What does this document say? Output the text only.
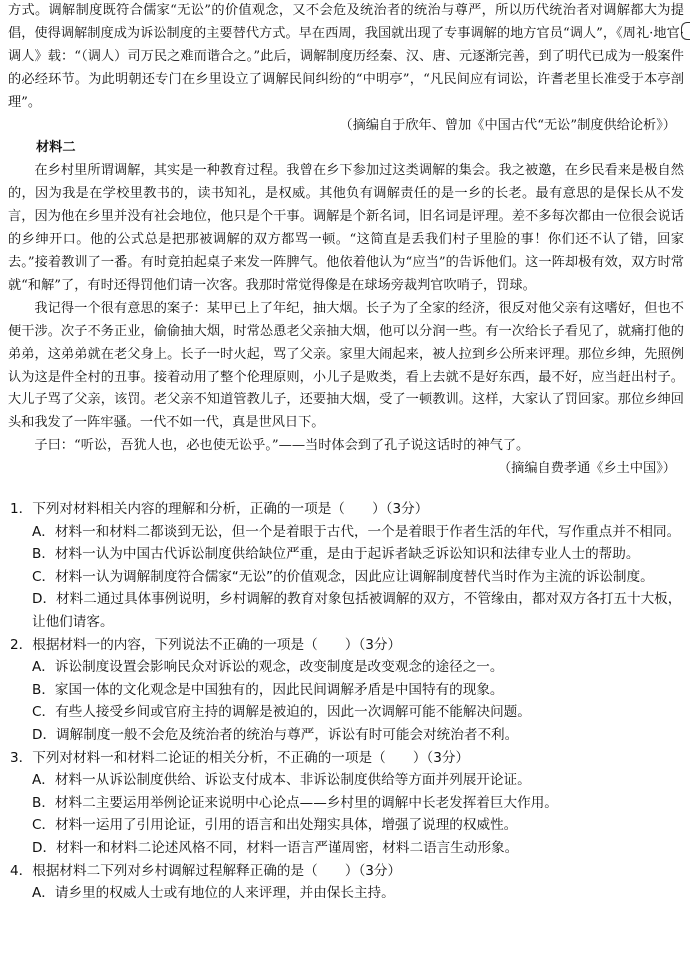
方式。调解制度既符合儒家“无讼”的价值观念，又不会危及统治者的统治与尊严，所以历代统治者对调解都大为提倡，使得调解制度成为诉讼制度的主要替代方式。早在西周，我国就出现了专事调解的地方官员“调人”，《周礼·地官·调人》载：“（调人）司万民之难而谐合之。”此后，调解制度历经秦、汉、唐、元逐渐完善，到了明代已成为一般案件的必经环节。为此明朝还专门在乡里设立了调解民间纠纷的“中明亭”，“凡民间应有词讼，许耆老里长准受于本亭剖理”。

（摘编自于欣年、曾加《中国古代“无讼”制度供给论析》）

材料二

在乡村里所谓调解，其实是一种教育过程。我曾在乡下参加过这类调解的集会。我之被邀，在乡民看来是极自然的，因为我是在学校里教书的，读书知礼，是权威。其他负有调解责任的是一乡的长老。最有意思的是保长从不发言，因为他在乡里并没有社会地位，他只是个干事。调解是个新名词，旧名词是评理。差不多每次都由一位很会说话的乡绅开口。他的公式总是把那被调解的双方都骂一顿。“这简直是丢我们村子里脸的事！你们还不认了错，回家去。”接着教训了一番。有时竟拍起桌子来发一阵脾气。他依着他认为“应当”的告诉他们。这一阵却极有效，双方时常就“和解”了，有时还得罚他们请一次客。我那时常觉得像是在球场旁裁判官吹哨子，罚球。

我记得一个很有意思的案子：某甲已上了年纪，抽大烟。长子为了全家的经济，很反对他父亲有这嗜好，但也不便干涉。次子不务正业，偷偷抽大烟，时常怂恿老父亲抽大烟，他可以分润一些。有一次给长子看见了，就痛打他的弟弟，这弟弟就在老父身上。长子一时火起，骂了父亲。家里大闹起来，被人拉到乡公所来评理。那位乡绅，先照例认为这是件全村的丑事。接着动用了整个伦理原则，小儿子是败类，看上去就不是好东西，最不好，应当赶出村子。大儿子骂了父亲，该罚。老父亲不知道管教儿子，还要抽大烟，受了一顿教训。这样，大家认了罚回家。那位乡绅回头和我发了一阵牢骚。一代不如一代，真是世风日下。

子曰：“听讼，吾犹人也，必也使无讼乎。”——当时体会到了孔子说这话时的神气了。

（摘编自费孝通《乡土中国》）

1．下列对材料相关内容的理解和分析，正确的一项是（　　）（3分）

A．材料一和材料二都谈到无讼，但一个是着眼于古代，一个是着眼于作者生活的年代，写作重点并不相同。

B．材料一认为中国古代诉讼制度供给缺位严重，是由于起诉者缺乏诉讼知识和法律专业人士的帮助。

C．材料一认为调解制度符合儒家“无讼”的价值观念，因此应让调解制度替代当时作为主流的诉讼制度。

D．材料二通过具体事例说明，乡村调解的教育对象包括被调解的双方，不管缘由，都对双方各打五十大板，让他们请客。

2．根据材料一的内容，下列说法不正确的一项是（　　）（3分）

A．诉讼制度设置会影响民众对诉讼的观念，改变制度是改变观念的途径之一。

B．家国一体的文化观念是中国独有的，因此民间调解矛盾是中国特有的现象。

C．有些人接受乡间或官府主持的调解是被迫的，因此一次调解可能不能解决问题。

D．调解制度一般不会危及统治者的统治与尊严，诉讼有时可能会对统治者不利。

3．下列对材料一和材料二论证的相关分析，不正确的一项是（　　）（3分）

A．材料一从诉讼制度供给、诉讼支付成本、非诉讼制度供给等方面并列展开论证。

B．材料二主要运用举例论证来说明中心论点——乡村里的调解中长老发挥着巨大作用。

C．材料一运用了引用论证，引用的语言和出处翔实具体，增强了说理的权威性。

D．材料一和材料二论述风格不同，材料一语言严谨周密，材料二语言生动形象。

4．根据材料二下列对乡村调解过程解释正确的是（　　）（3分）

A．请乡里的权威人士或有地位的人来评理，并由保长主持。
